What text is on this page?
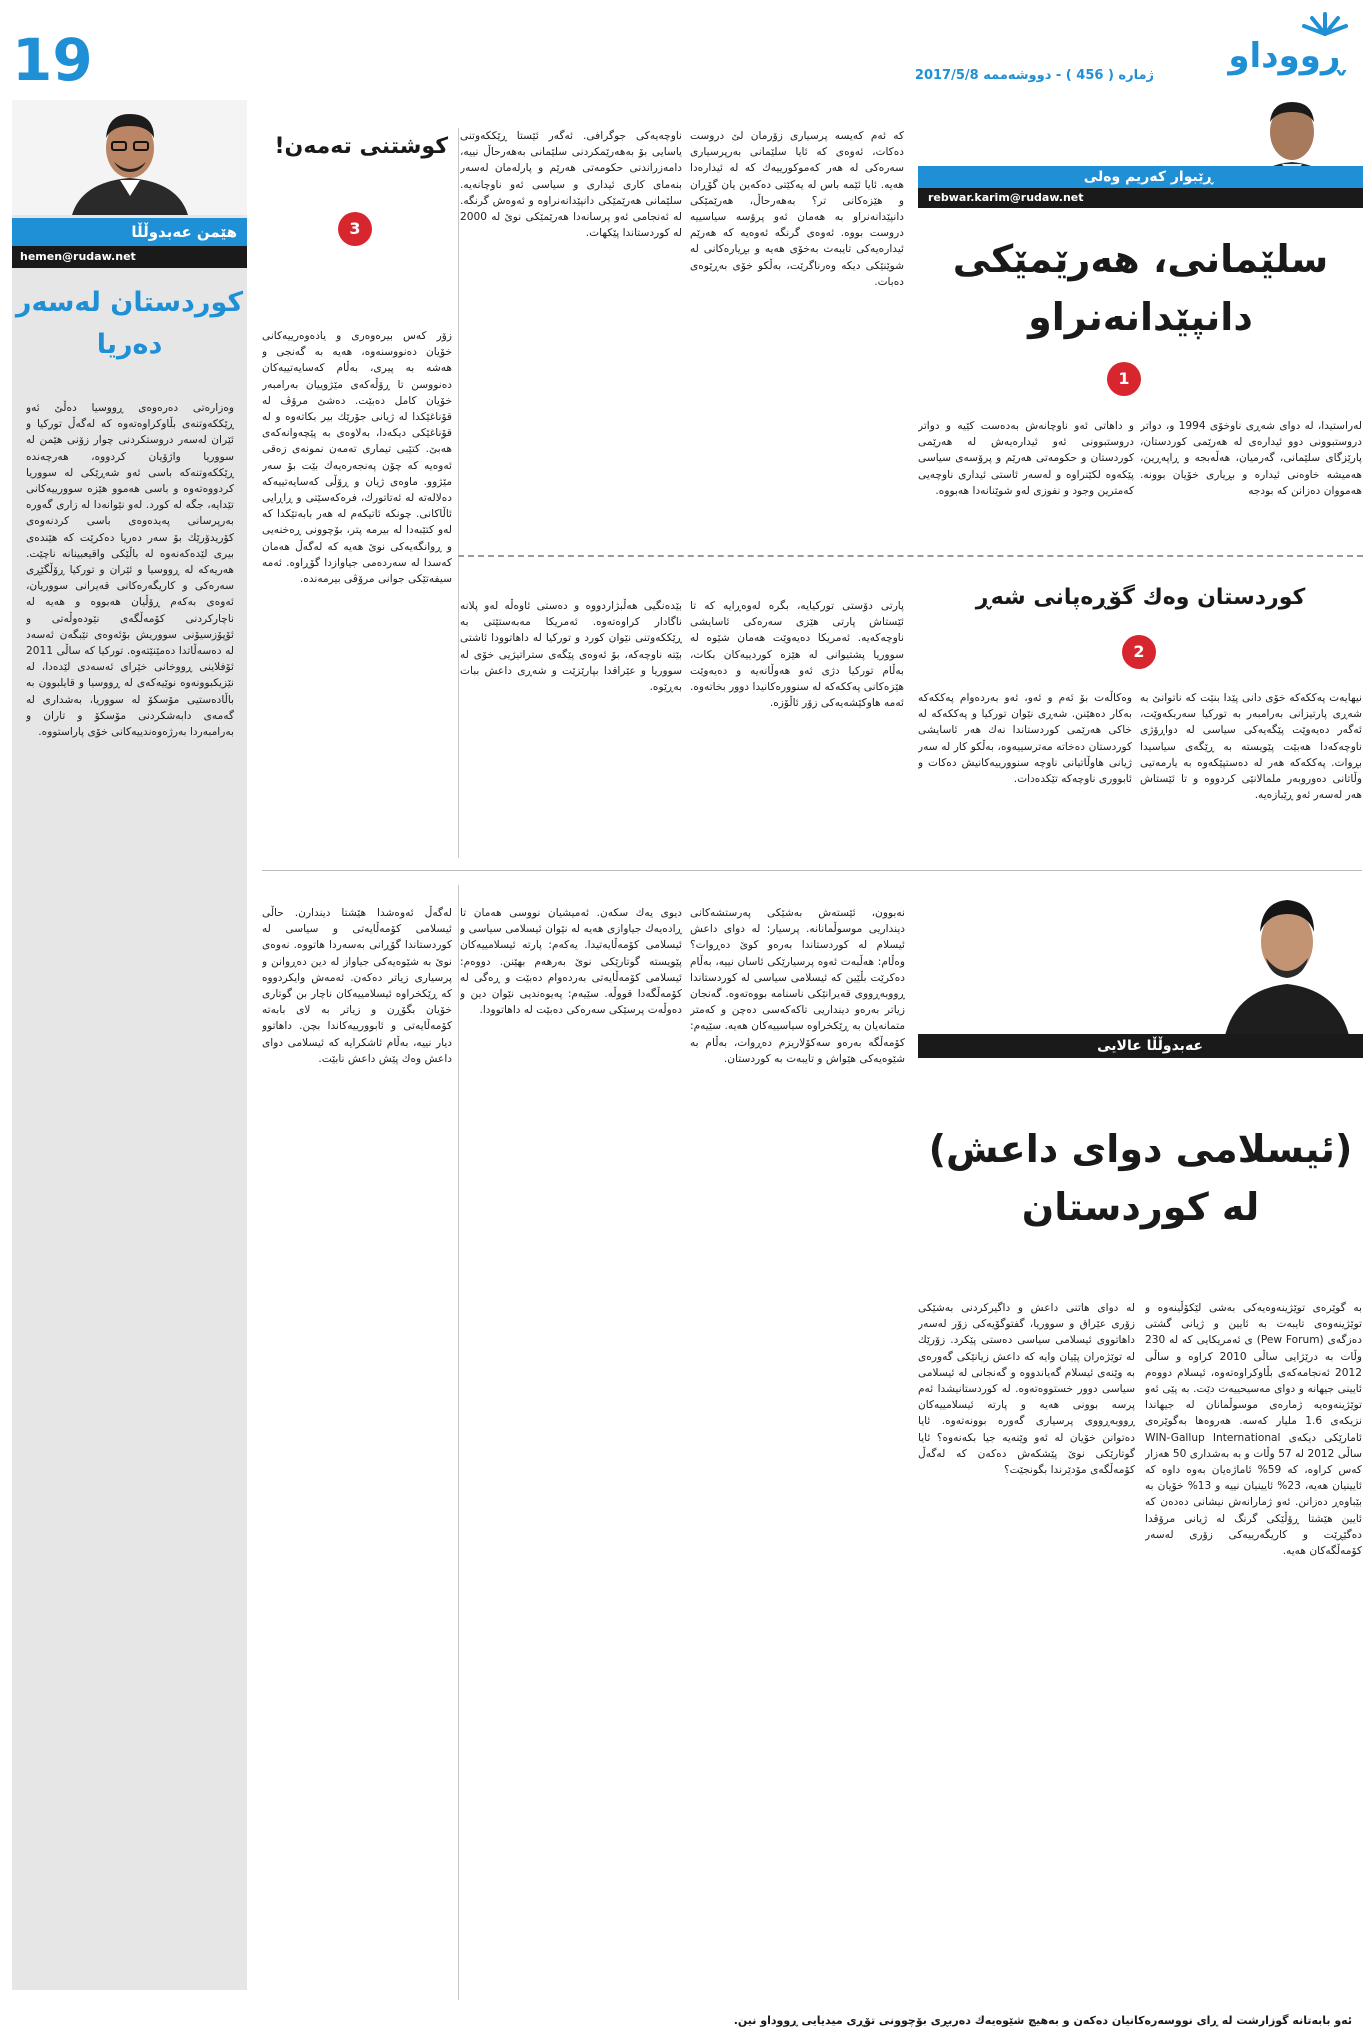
ڕووداو
ژمارە ( 456 ) - دووشەممە 2017/5/8
19
هێمن عەبدوڵڵا
hemen@rudaw.net
كوردستان لەسەر دەریا
وەزارەتی دەرەوەی ڕووسیا دەڵێ ئەو ڕێككەوتنەی بڵاوكراوەتەوە كە لەگەڵ توركیا و ئێران لەسەر دروستكردنی چوار زۆنی هێمن لە سووریا واژۆیان كردووە، هەرچەندە ڕێككەوتنەكە باسی ئەو شەڕێكی لە سووریا كردووەتەوە و باسی هەموو هێزە سوورییەكانی تێدایە، جگە لە كورد. لەو نێوانەدا لە زاری گەورە بەرپرسانی پەیدەوەی باسی كردنەوەی كۆریدۆرێك بۆ سەر دەریا دەكرێت كە هێندەی بیری لێدەكەنەوە لە باڵێكی واقیعبینانە ناچێت. هەریەكە لە ڕووسیا و ئێران و توركیا ڕۆڵگێڕی سەرەكی و كاریگەرەكانی قەیرانی سووریان، ئەوەی بەكەم ڕۆڵیان هەبووە و هەیە لە ناچاركردنی كۆمەڵگەی نێودەوڵەتی و ئۆپۆزسیۆنی سووریش بۆئەوەی تێبگەن ئەسەد لە دەسەڵاتدا دەمێنێتەوە. توركیا كە ساڵی 2011 ئۆفلاینی ڕووخانی خێرای ئەسەدی لێدەدا، لە نێزیكبوونەوە نوێیەكەی لە ڕووسیا و قایلبوون بە باڵادەستیی مۆسكۆ لە سووریا، بەشداری لە گەمەی دابەشكردنی مۆسكۆ و تاران و بەرامبەردا بەرژەوەندییەكانی خۆی پاراستووە.
ڕێبوار كەریم وەلی
rebwar.karim@rudaw.net
سلێمانی، هەرێمێكی دانپێدانەنراو
1
لەراستیدا، لە دوای شەڕی ناوخۆی 1994 و، دواتر دروستبوونی دوو ئیدارەی لە هەرێمی كوردستان، پارێزگای سلێمانی، گەرمیان، هەڵەبجە و ڕاپەڕین، هەمیشە خاوەنی ئیدارە و بڕیاری خۆیان بوونە. هەمووان دەزانن كە بودجە
و داهاتی ئەو ناوچانەش بەدەست كێیە و دواتر دروستبوونی ئەو ئیدارەیەش لە هەرێمی كوردستان و حكومەتی هەرێم و پرۆسەی سیاسی پێكەوە لكێنراوە و لەسەر ئاستی ئیداری ناوچەیی كەمترین وجود و نفوزی لەو شوێنانەدا هەبووە.
كە ئەم كەیسە پرسیاری زۆرمان لێ دروست دەكات، ئەوەی كە ئایا سلێمانی بەرپرسیاری سەرەكی لە هەر كەموكورییەك كە لە ئیدارەدا هەیە. ئایا ئێمە باس لە یەكێتی دەكەین یان گۆڕان و هێزەكانی تر؟ بەهەرحاڵ، هەرێمێكی دانپێدانەنراو بە هەمان ئەو پرۆسە سیاسییە دروست بووە. ئەوەی گرنگە ئەوەیە كە هەرێم ئیدارەیەكی تایبەت بەخۆی هەیە و بڕیارەكانی لە شوێنێكی دیكە وەرناگرێت، بەڵكو خۆی بەڕێوەی دەبات.
ناوچەیەكی جوگرافی. ئەگەر ئێستا ڕێككەوتنی یاسایی بۆ بەهەرێمكردنی سلێمانی بەهەرحاڵ نییە، دامەزراندنی حكومەتی هەرێم و پارلەمان لەسەر بنەمای كاری ئیداری و سیاسی ئەو ناوچانەیە. سلێمانی هەرێمێكی دانپێدانەنراوە و ئەوەش گرنگە. لە ئەنجامی ئەو پرسانەدا هەرێمێكی نوێ لە 2000 لە كوردستاندا پێكهات.
كوشتنی تەمەن!
3
زۆر كەس بیرەوەری و یادەوەرییەكانی خۆیان دەنووسنەوە، هەیە بە گەنجی و هەشە بە پیری، بەڵام كەسایەتییەكان دەنووسن تا ڕۆڵەكەی مێژوییان بەرامبەر خۆیان كامل دەبێت. دەشێ مرۆڤ لە قۆناغێكدا لە ژیانی جۆرێك بیر بكاتەوە و لە قۆناغێكی دیكەدا، بەلاوەی بە پێچەوانەكەی هەبێ. كتێبی تیماری تەمەن نمونەی زەقی ئەوەیە كە چۆن پەنجەرەیەك بێت بۆ سەر مێژوو. ماوەی ژیان و ڕۆڵی كەسایەتییەكە دەلالەتە لە ئەتاتورك، فرەكەسێتی و ڕاڕایی ئاڵاكانی. چونكە ئاتیكەم لە هەر بابەتێكدا كە لەو كتێبەدا لە بیرمە پتر، بۆچوونی ڕەخنەیی و ڕوانگەیەكی نوێ هەیە كە لەگەڵ هەمان كەسدا لە سەردەمی جیاوازدا گۆڕاوە. ئەمە سیفەتێكی جوانی مرۆڤی بیرمەندە.
كوردستان وەك گۆڕەپانی شەڕ
2
نیهایەت پەككەكە خۆی دانی پێدا بنێت كە ناتوانێ بە شەڕی پارتیزانی بەرامبەر بە توركیا سەربكەوێت، ئەگەر دەیەوێت پێگەیەكی سیاسی لە دواڕۆژی ناوچەكەدا هەبێت پێویستە بە ڕێگەی سیاسیدا بڕوات. پەككەكە هەر لە دەستپێكەوە بە یارمەتیی وڵاتانی دەوروبەر ملمالانێی كردووە و تا ئێستاش هەر لەسەر ئەو ڕێبازەیە.
وەكاڵەت بۆ ئەم و ئەو، ئەو بەردەوام پەككەكە بەكار دەهێنن. شەڕی نێوان توركیا و پەككەكە لە خاكی هەرێمی كوردستاندا نەك هەر ئاسایشی كوردستان دەخاتە مەترسییەوە، بەڵكو كار لە سەر ژیانی هاوڵاتیانی ناوچە سنوورییەكانیش دەكات و ئابووری ناوچەكە تێكدەدات.
پارتی دۆستی توركیایە، بگرە لەوەڕایە كە تا ئێستاش پارتی هێزی سەرەكی ئاسایشی ناوچەكەیە. ئەمریكا دەیەوێت هەمان شێوە لە سووریا پشتیوانی لە هێزە كوردییەكان بكات، بەڵام توركیا دژی ئەو هەوڵانەیە و دەیەوێت هێزەكانی پەككەكە لە سنوورەكانیدا دوور بخاتەوە. ئەمە هاوكێشەیەكی زۆر ئاڵۆزە.
بێدەنگیی هەڵبژاردووە و دەستی ئاوەڵە لەو پلانە ناگادار كراوەتەوە. ئەمریكا مەبەستێتی بە ڕێككەوتنی نێوان كورد و توركیا لە داهاتوودا ئاشتی بێتە ناوچەكە، بۆ ئەوەی پێگەی ستراتیژیی خۆی لە سووریا و عێراقدا بپارێزێت و شەڕی داعش ببات بەڕێوە.
عەبدوڵڵا عالایی
(ئیسلامی دوای داعش) لە كوردستان
بە گوێرەی توێژینەوەیەكی بەشی لێكۆڵینەوە و توێژینەوەی تایبەت بە ئایین و ژیانی گشتی دەزگەی (Pew Forum) ی ئەمریكایی كە لە 230 وڵات بە درێژایی ساڵی 2010 كراوە و ساڵی 2012 ئەنجامەكەی بڵاوكراوەتەوە، ئیسلام دووەم ئایینی جیهانە و دوای مەسیحییەت دێت. بە پێی ئەو توێژینەوەیە ژمارەی موسوڵمانان لە جیهاندا نزیكەی 1.6 ملیار كەسە. هەروەها بەگوێرەی ئامارێكی دیكەی WIN-Gallup International ساڵی 2012 لە 57 وڵات و بە بەشداری 50 هەزار كەس كراوە، كە 59% ئاماژەیان بەوە داوە كە ئایینیان هەیە، 23% ئایینیان نییە و 13% خۆیان بە بێباوەڕ دەزانن. ئەو ژمارانەش نیشانی دەدەن كە ئایین هێشتا ڕۆڵێكی گرنگ لە ژیانی مرۆڤدا دەگێڕێت و كاریگەرییەكی زۆری لەسەر كۆمەڵگەكان هەیە.
لە دوای هاتنی داعش و داگیركردنی بەشێكی زۆری عێراق و سووریا، گفتوگۆیەكی زۆر لەسەر داهاتووی ئیسلامی سیاسی دەستی پێكرد. زۆرێك لە توێژەران پێیان وایە كە داعش زیانێكی گەورەی بە وێنەی ئیسلام گەیاندووە و گەنجانی لە ئیسلامی سیاسی دوور خستووەتەوە. لە كوردستانیشدا ئەم پرسە بوونی هەیە و پارتە ئیسلامییەكان ڕووبەڕووی پرسیاری گەورە بوونەتەوە. ئایا دەتوانن خۆیان لە ئەو وێنەیە جیا بكەنەوە؟ ئایا گوتارێكی نوێ پێشكەش دەكەن كە لەگەڵ كۆمەڵگەی مۆدێرندا بگونجێت؟
نەبوون، ئێستەش بەشێكی پەرستشەكانی دینداریی موسوڵمانانە. پرسیار: لە دوای داعش ئیسلام لە كوردستاندا بەرەو كوێ دەڕوات؟ وەڵام: هەڵبەت ئەوە پرسیارێكی ئاسان نییە، بەڵام دەكرێت بڵێین كە ئیسلامی سیاسی لە كوردستاندا ڕووبەڕووی قەیرانێكی ناسنامە بووەتەوە. گەنجان زیاتر بەرەو دینداریی تاكەكەسی دەچن و كەمتر متمانەیان بە ڕێكخراوە سیاسییەكان هەیە. سێیەم: كۆمەڵگە بەرەو سەكۆلاریزم دەڕوات، بەڵام بە شێوەیەكی هێواش و تایبەت بە كوردستان.
دیوی یەك سكەن. ئەمیشیان نووسی هەمان تا ڕادەیەك جیاوازی هەیە لە نێوان ئیسلامی سیاسی و ئیسلامی كۆمەڵایەتیدا. یەكەم: پارتە ئیسلامییەكان پێویستە گوتارێكی نوێ بەرهەم بهێنن. دووەم: ئیسلامی كۆمەڵایەتی بەردەوام دەبێت و ڕەگی لە كۆمەڵگەدا قووڵە. سێیەم: پەیوەندیی نێوان دین و دەوڵەت پرسێكی سەرەكی دەبێت لە داهاتوودا.
لەگەڵ ئەوەشدا هێشتا دیندارن. حاڵی ئیسلامی كۆمەڵایەتی و سیاسی لە كوردستاندا گۆڕانی بەسەردا هاتووە. نەوەی نوێ بە شێوەیەكی جیاواز لە دین دەڕوانن و پرسیاری زیاتر دەكەن. ئەمەش وایكردووە كە ڕێكخراوە ئیسلامییەكان ناچار بن گوتاری خۆیان بگۆڕن و زیاتر بە لای بابەتە كۆمەڵایەتی و ئابوورییەكاندا بچن. داهاتوو دیار نییە، بەڵام ئاشكرایە كە ئیسلامی دوای داعش وەك پێش داعش نابێت.
ئەو بابەتانە گوزارشت لە ڕای نووسەرەكانیان دەكەن و بەهیچ شێوەیەك دەربڕی بۆچوونی تۆڕی میدیایی ڕووداو نین.
